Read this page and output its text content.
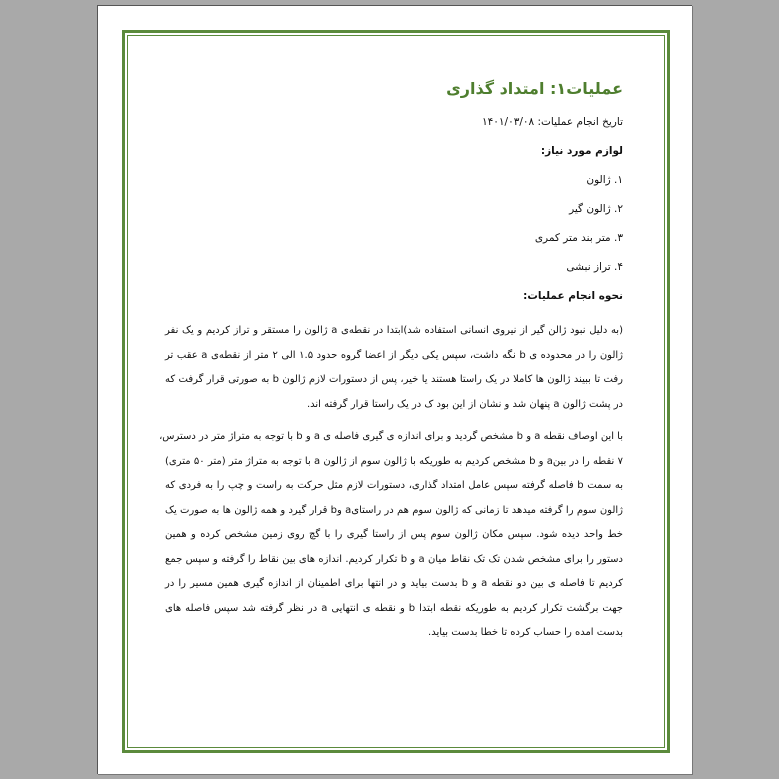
عملیات۱: امتداد گذاری
تاریخ انجام عملیات: ۱۴۰۱/۰۳/۰۸
لوازم مورد نیاز:
۱. ژالون
۲. ژالون گیر
۳. متر بند متر کمری
۴. تراز نبشی
نحوه انجام عملیات:
(به دلیل نبود ژالن گیر از نیروی انسانی استفاده شد)ابتدا در نقطه‌ی a ژالون را مستقر و تراز کردیم و یک نفر
ژالون را در محدوده ی b نگه داشت، سپس یکی دیگر از اعضا گروه حدود ۱.۵ الی ۲ متر از نقطه‌ی a عقب تر
رفت تا ببیند ژالون ها کاملا در یک راستا هستند یا خیر، پس از دستورات لازم ژالون b به صورتی قرار گرفت که
در پشت ژالون a پنهان شد و نشان از این بود ک در یک راستا قرار گرفته اند.
با این اوصاف نقطه a و b مشخص گردید و برای اندازه ی گیری فاصله ی a و b با توجه به متراژ متر در دسترس،
۷ نقطه را در بینa و b مشخص کردیم به طوریکه با ژالون سوم از ژالون a با توجه به متراژ متر (متر ۵۰ متری)
به سمت b فاصله گرفته سپس عامل امتداد گذاری، دستورات لازم مثل حرکت به راست و چپ را به فردی که
ژالون سوم را گرفته میدهد تا زمانی که ژالون سوم هم در راستایa وb قرار گیرد و همه ژالون ها به صورت یک
خط واحد دیده شود. سپس مکان ژالون سوم پس از راستا گیری را با گچ روی زمین مشخص کرده و همین
دستور را برای مشخص شدن تک تک نقاط میان a و b تکرار کردیم. اندازه های بین نقاط را گرفته و سپس جمع
کردیم تا فاصله ی بین دو نقطه a و b بدست بیاید و در انتها برای اطمینان از اندازه گیری همین مسیر را در
جهت برگشت تکرار کردیم به طوریکه نقطه ابتدا b و نقطه ی انتهایی a در نظر گرفته شد سپس فاصله های
بدست امده را حساب کرده تا خطا بدست بیاید.
